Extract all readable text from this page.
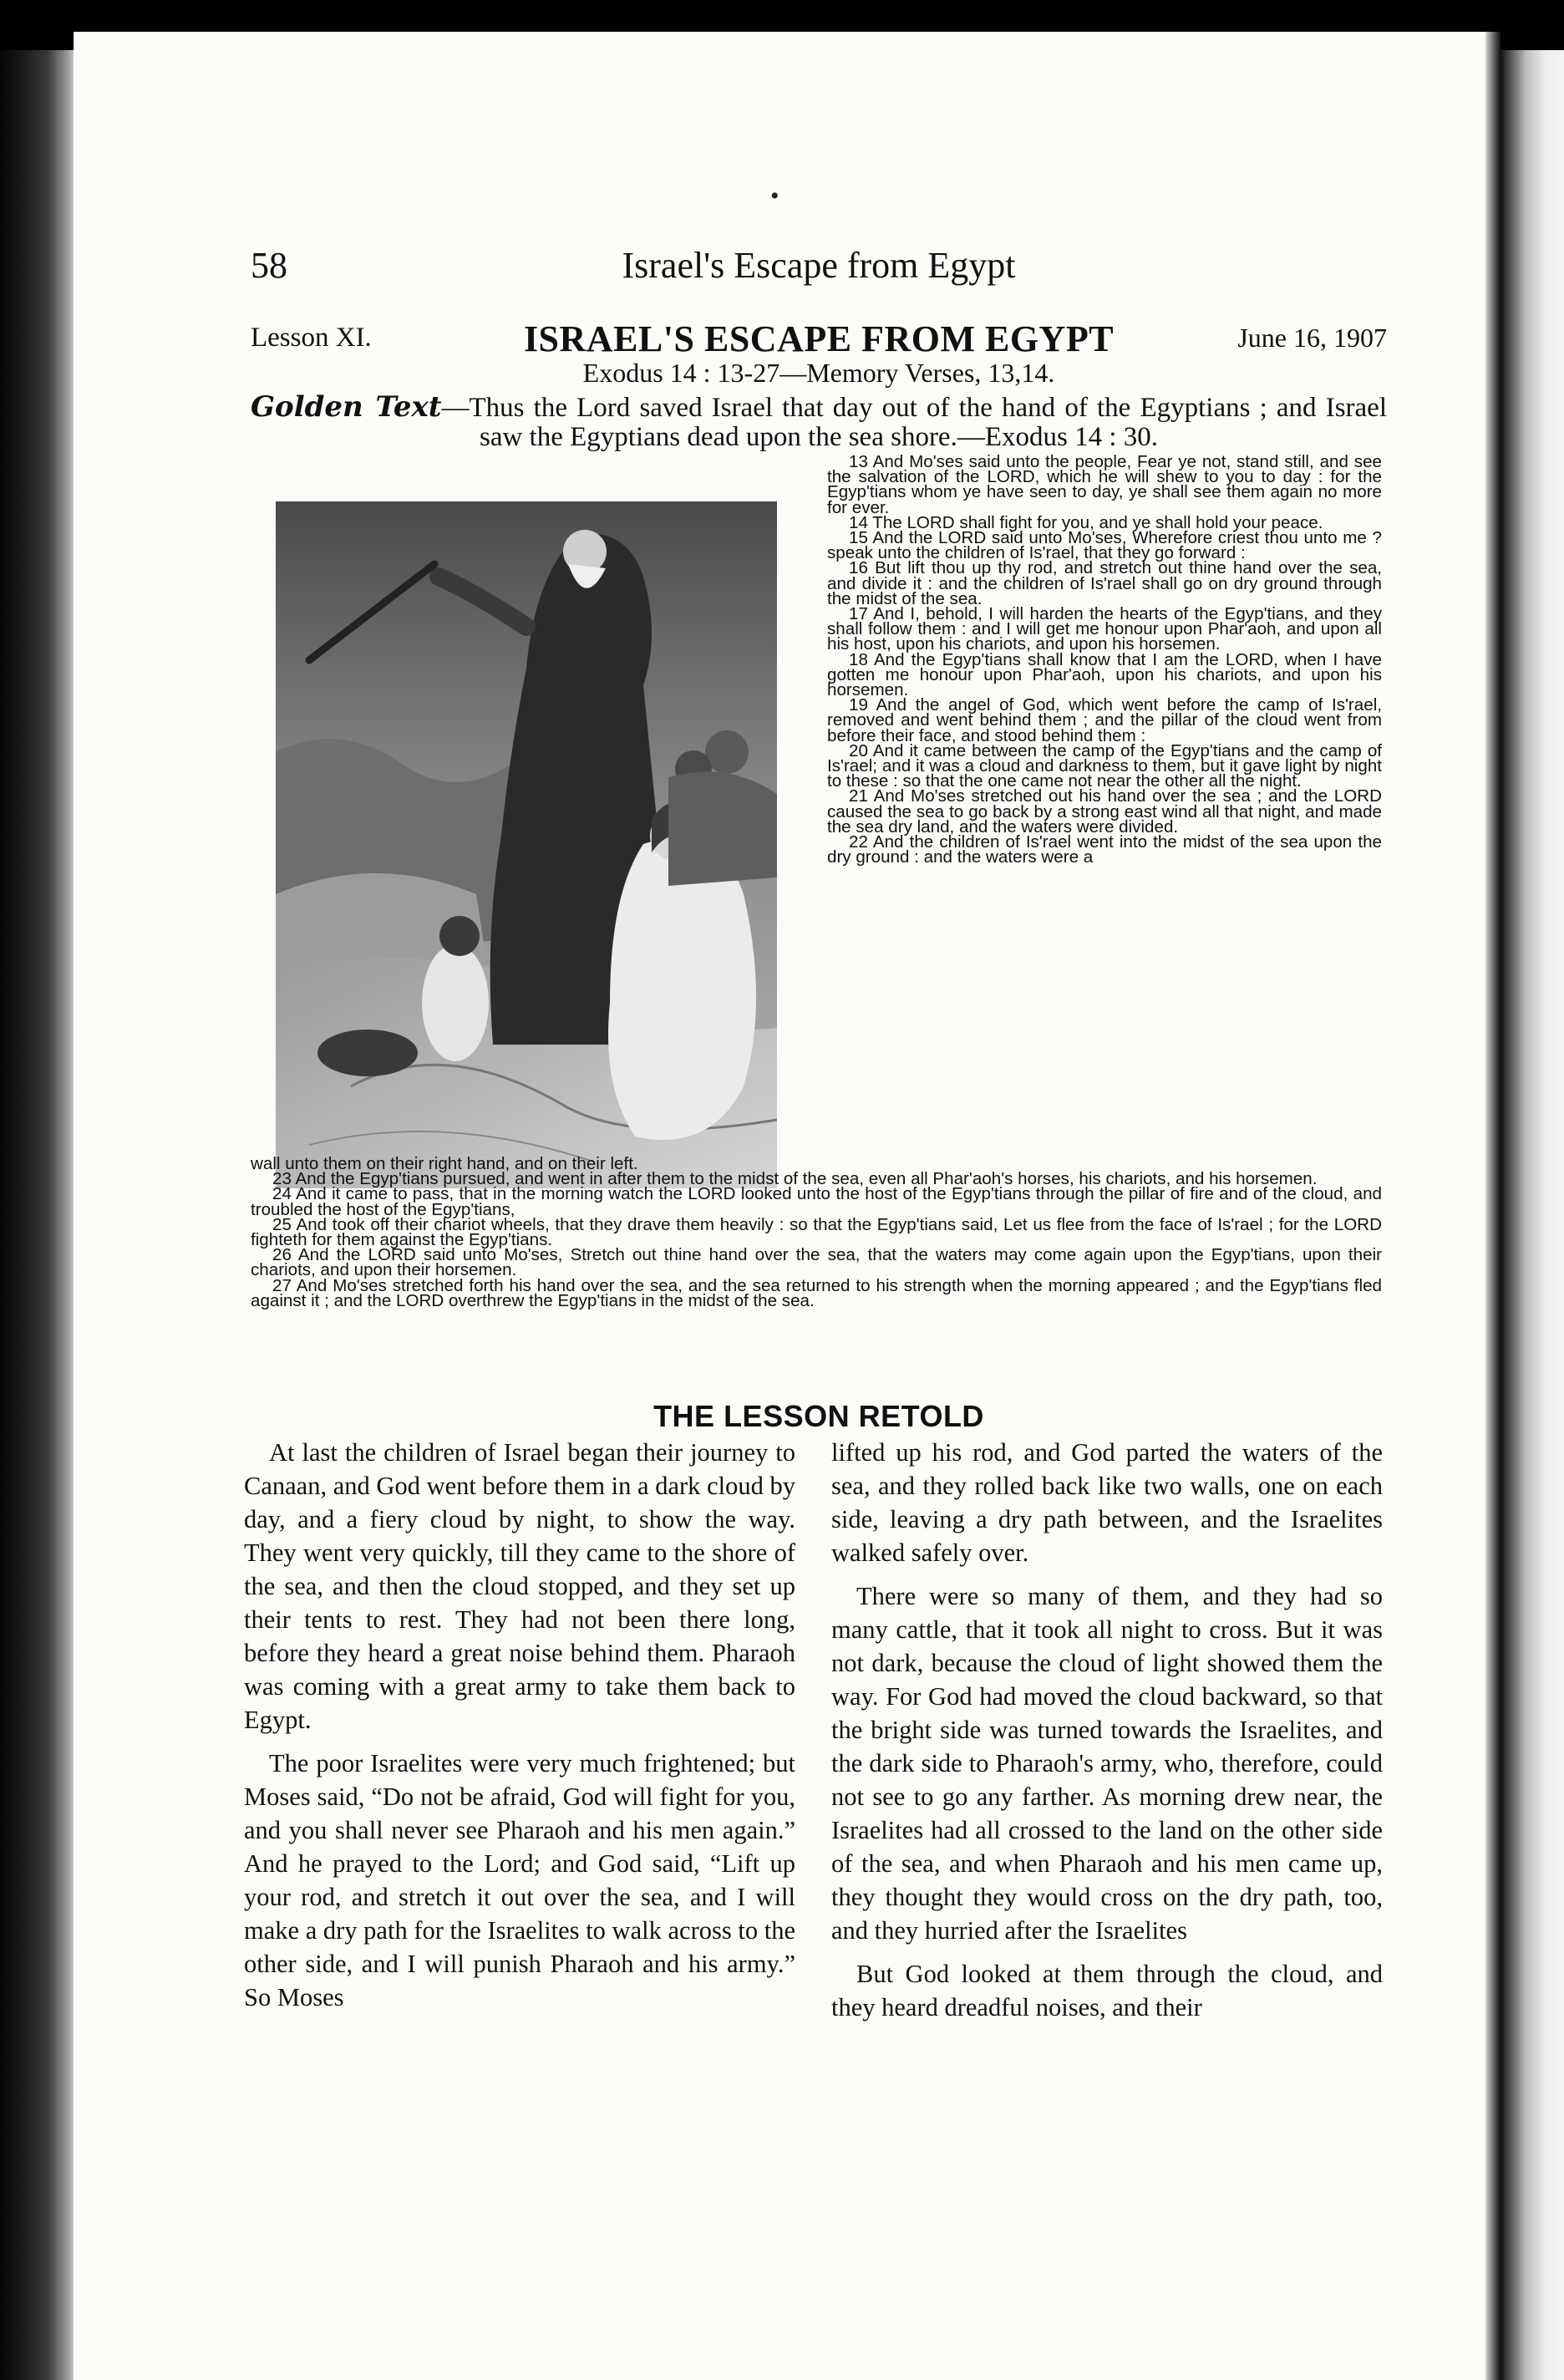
•
58	Israel's Escape from Egypt
Lesson XI.	ISRAEL'S ESCAPE FROM EGYPT	June 16, 1907
Exodus 14 : 13-27—Memory Verses, 13,14.
Golden Text—Thus the Lord saved Israel that day out of the hand of the Egyptians ; and Israel saw the Egyptians dead upon the sea shore.—Exodus 14 : 30.

13 And Mo'ses said unto the people, Fear ye not, stand still, and see the salvation of the LORD, which he will shew to you to day : for the Egyp'tians whom ye have seen to day, ye shall see them again no more for ever.

14 The LORD shall fight for you, and ye shall hold your peace.

15 And the LORD said unto Mo'ses, Wherefore criest thou unto me ? speak unto the children of Is'rael, that they go forward :

16 But lift thou up thy rod, and stretch out thine hand over the sea, and divide it : and the children of Is'rael shall go on dry ground through the midst of the sea.

17 And I, behold, I will harden the hearts of the Egyp'tians, and they shall follow them : and I will get me honour upon Phar'aoh, and upon all his host, upon his chariots, and upon his horsemen.

18 And the Egyp'tians shall know that I am the LORD, when I have gotten me honour upon Phar'aoh, upon his chariots, and upon his horsemen.

19 And the angel of God, which went before the camp of Is'rael, removed and went behind them ; and the pillar of the cloud went from before their face, and stood behind them :

20 And it came between the camp of the Egyp'tians and the camp of Is'rael; and it was a cloud and darkness to them, but it gave light by night to these : so that the one came not near the other all the night.

21 And Mo'ses stretched out his hand over the sea ; and the LORD caused the sea to go back by a strong east wind all that night, and made the sea dry land, and the waters were divided.

22 And the children of Is'rael went into the midst of the sea upon the dry ground : and the waters were a

wall unto them on their right hand, and on their left.

23 And the Egyp'tians pursued, and went in after them to the midst of the sea, even all Phar'aoh's horses, his chariots, and his horsemen.

24 And it came to pass, that in the morning watch the LORD looked unto the host of the Egyp'tians through the pillar of fire and of the cloud, and troubled the host of the Egyp'tians,

25 And took off their chariot wheels, that they drave them heavily : so that the Egyp'tians said, Let us flee from the face of Is'rael ; for the LORD fighteth for them against the Egyp'tians.

26 And the LORD said unto Mo'ses, Stretch out thine hand over the sea, that the waters may come again upon the Egyp'tians, upon their chariots, and upon their horsemen.

27 And Mo'ses stretched forth his hand over the sea, and the sea returned to his strength when the morning appeared ; and the Egyp'tians fled against it ; and the LORD overthrew the Egyp'tians in the midst of the sea.

THE LESSON RETOLD

At last the children of Israel began their journey to Canaan, and God went before them in a dark cloud by day, and a fiery cloud by night, to show the way. They went very quickly, till they came to the shore of the sea, and then the cloud stopped, and they set up their tents to rest. They had not been there long, before they heard a great noise behind them. Pharaoh was coming with a great army to take them back to Egypt.

The poor Israelites were very much frightened; but Moses said, “Do not be afraid, God will fight for you, and you shall never see Pharaoh and his men again.” And he prayed to the Lord; and God said, “Lift up your rod, and stretch it out over the sea, and I will make a dry path for the Israelites to walk across to the other side, and I will punish Pharaoh and his army.” So Moses

lifted up his rod, and God parted the waters of the sea, and they rolled back like two walls, one on each side, leaving a dry path between, and the Israelites walked safely over.

There were so many of them, and they had so many cattle, that it took all night to cross. But it was not dark, because the cloud of light showed them the way. For God had moved the cloud backward, so that the bright side was turned towards the Israelites, and the dark side to Pharaoh's army, who, therefore, could not see to go any farther. As morning drew near, the Israelites had all crossed to the land on the other side of the sea, and when Pharaoh and his men came up, they thought they would cross on the dry path, too, and they hurried after the Israelites

But God looked at them through the cloud, and they heard dreadful noises, and their
